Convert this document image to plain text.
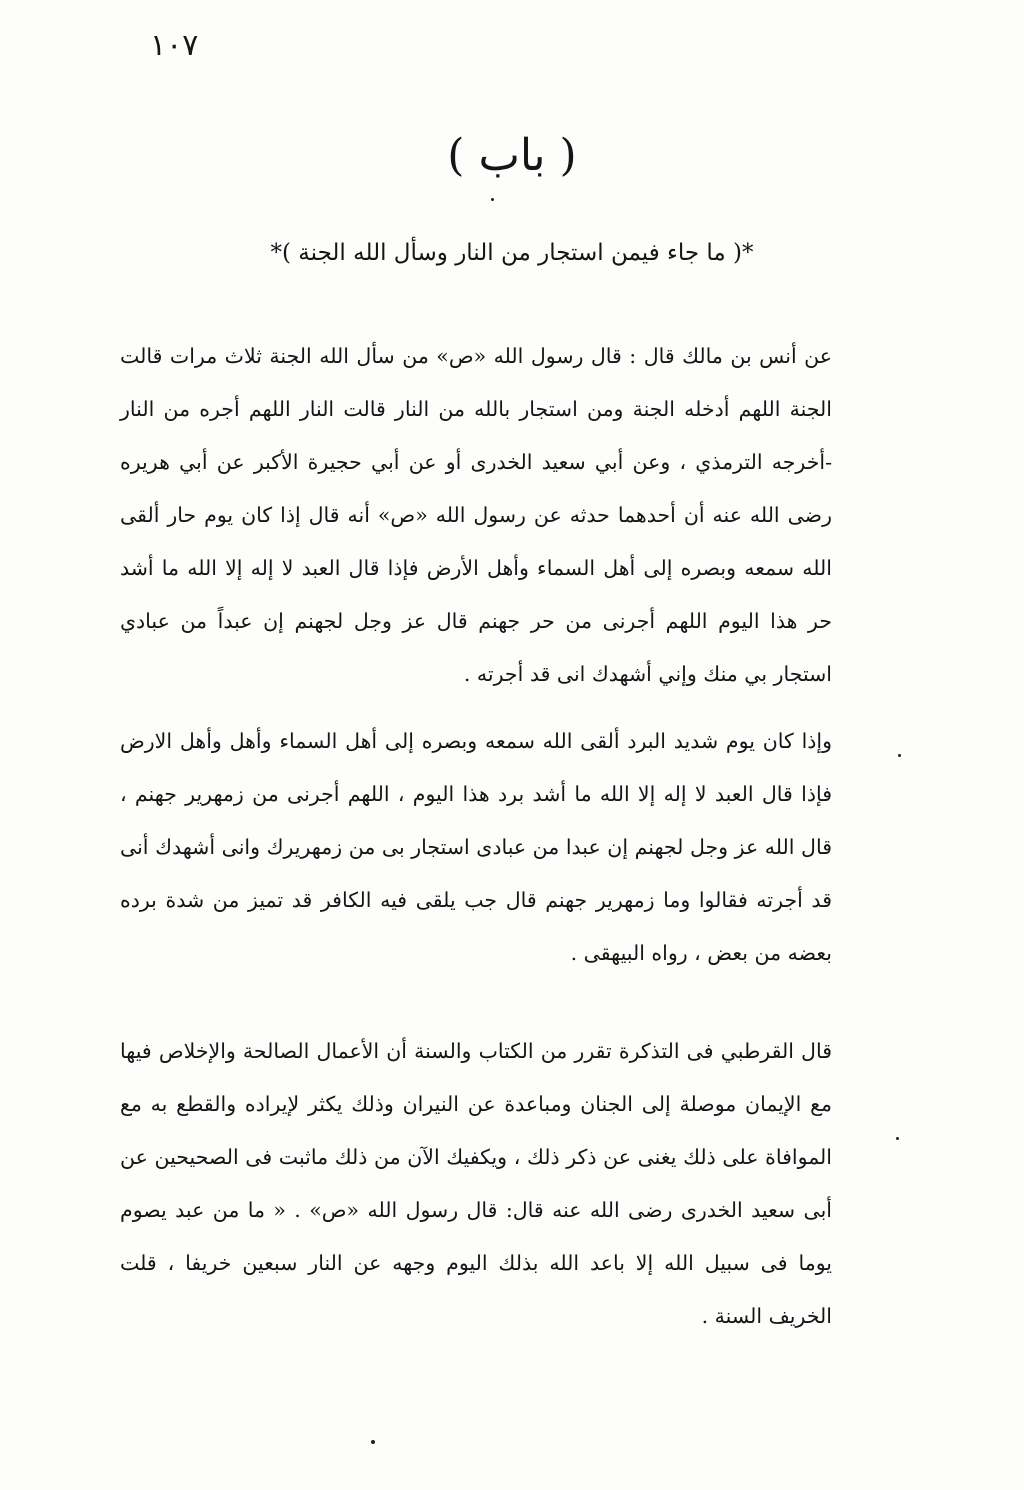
١٠٧
( باب )
*( ما جاء فيمن استجار من النار وسأل الله الجنة )*

عن أنس بن مالك قال : قال رسول الله «ص» من سأل الله الجنة ثلاث مرات قالت الجنة اللهم أدخله الجنة ومن استجار بالله من النار قالت النار اللهم أجره من النار -أخرجه الترمذي ، وعن أبي سعيد الخدرى أو عن أبي حجيرة الأكبر عن أبي هريره رضى الله عنه أن أحدهما حدثه عن رسول الله «ص» أنه قال إذا كان يوم حار ألقى الله سمعه وبصره إلى أهل السماء وأهل الأرض فإذا قال العبد لا إله إلا الله ما أشد حر هذا اليوم اللهم أجرنى من حر جهنم قال عز وجل لجهنم إن عبداً من عبادي استجار بي منك وإني أشهدك انى قد أجرته .

وإذا كان يوم شديد البرد ألقى الله سمعه وبصره إلى أهل السماء وأهل وأهل الارض فإذا قال العبد لا إله إلا الله ما أشد برد هذا اليوم ، اللهم أجرنى من زمهرير جهنم ، قال الله عز وجل لجهنم إن عبدا من عبادى استجار بى من زمهريرك وانى أشهدك أنى قد أجرته فقالوا وما زمهرير جهنم قال جب يلقى فيه الكافر قد تميز من شدة برده بعضه من بعض ، رواه البيهقى .

قال القرطبي فى التذكرة تقرر من الكتاب والسنة أن الأعمال الصالحة والإخلاص فيها مع الإيمان موصلة إلى الجنان ومباعدة عن النيران وذلك يكثر لإيراده والقطع به مع الموافاة على ذلك يغنى عن ذكر ذلك ، ويكفيك الآن من ذلك ماثبت فى الصحيحين عن أبى سعيد الخدرى رضى الله عنه قال: قال رسول الله «ص» . « ما من عبد يصوم يوما فى سبيل الله إلا باعد الله بذلك اليوم وجهه عن النار سبعين خريفا ، قلت الخريف السنة .
